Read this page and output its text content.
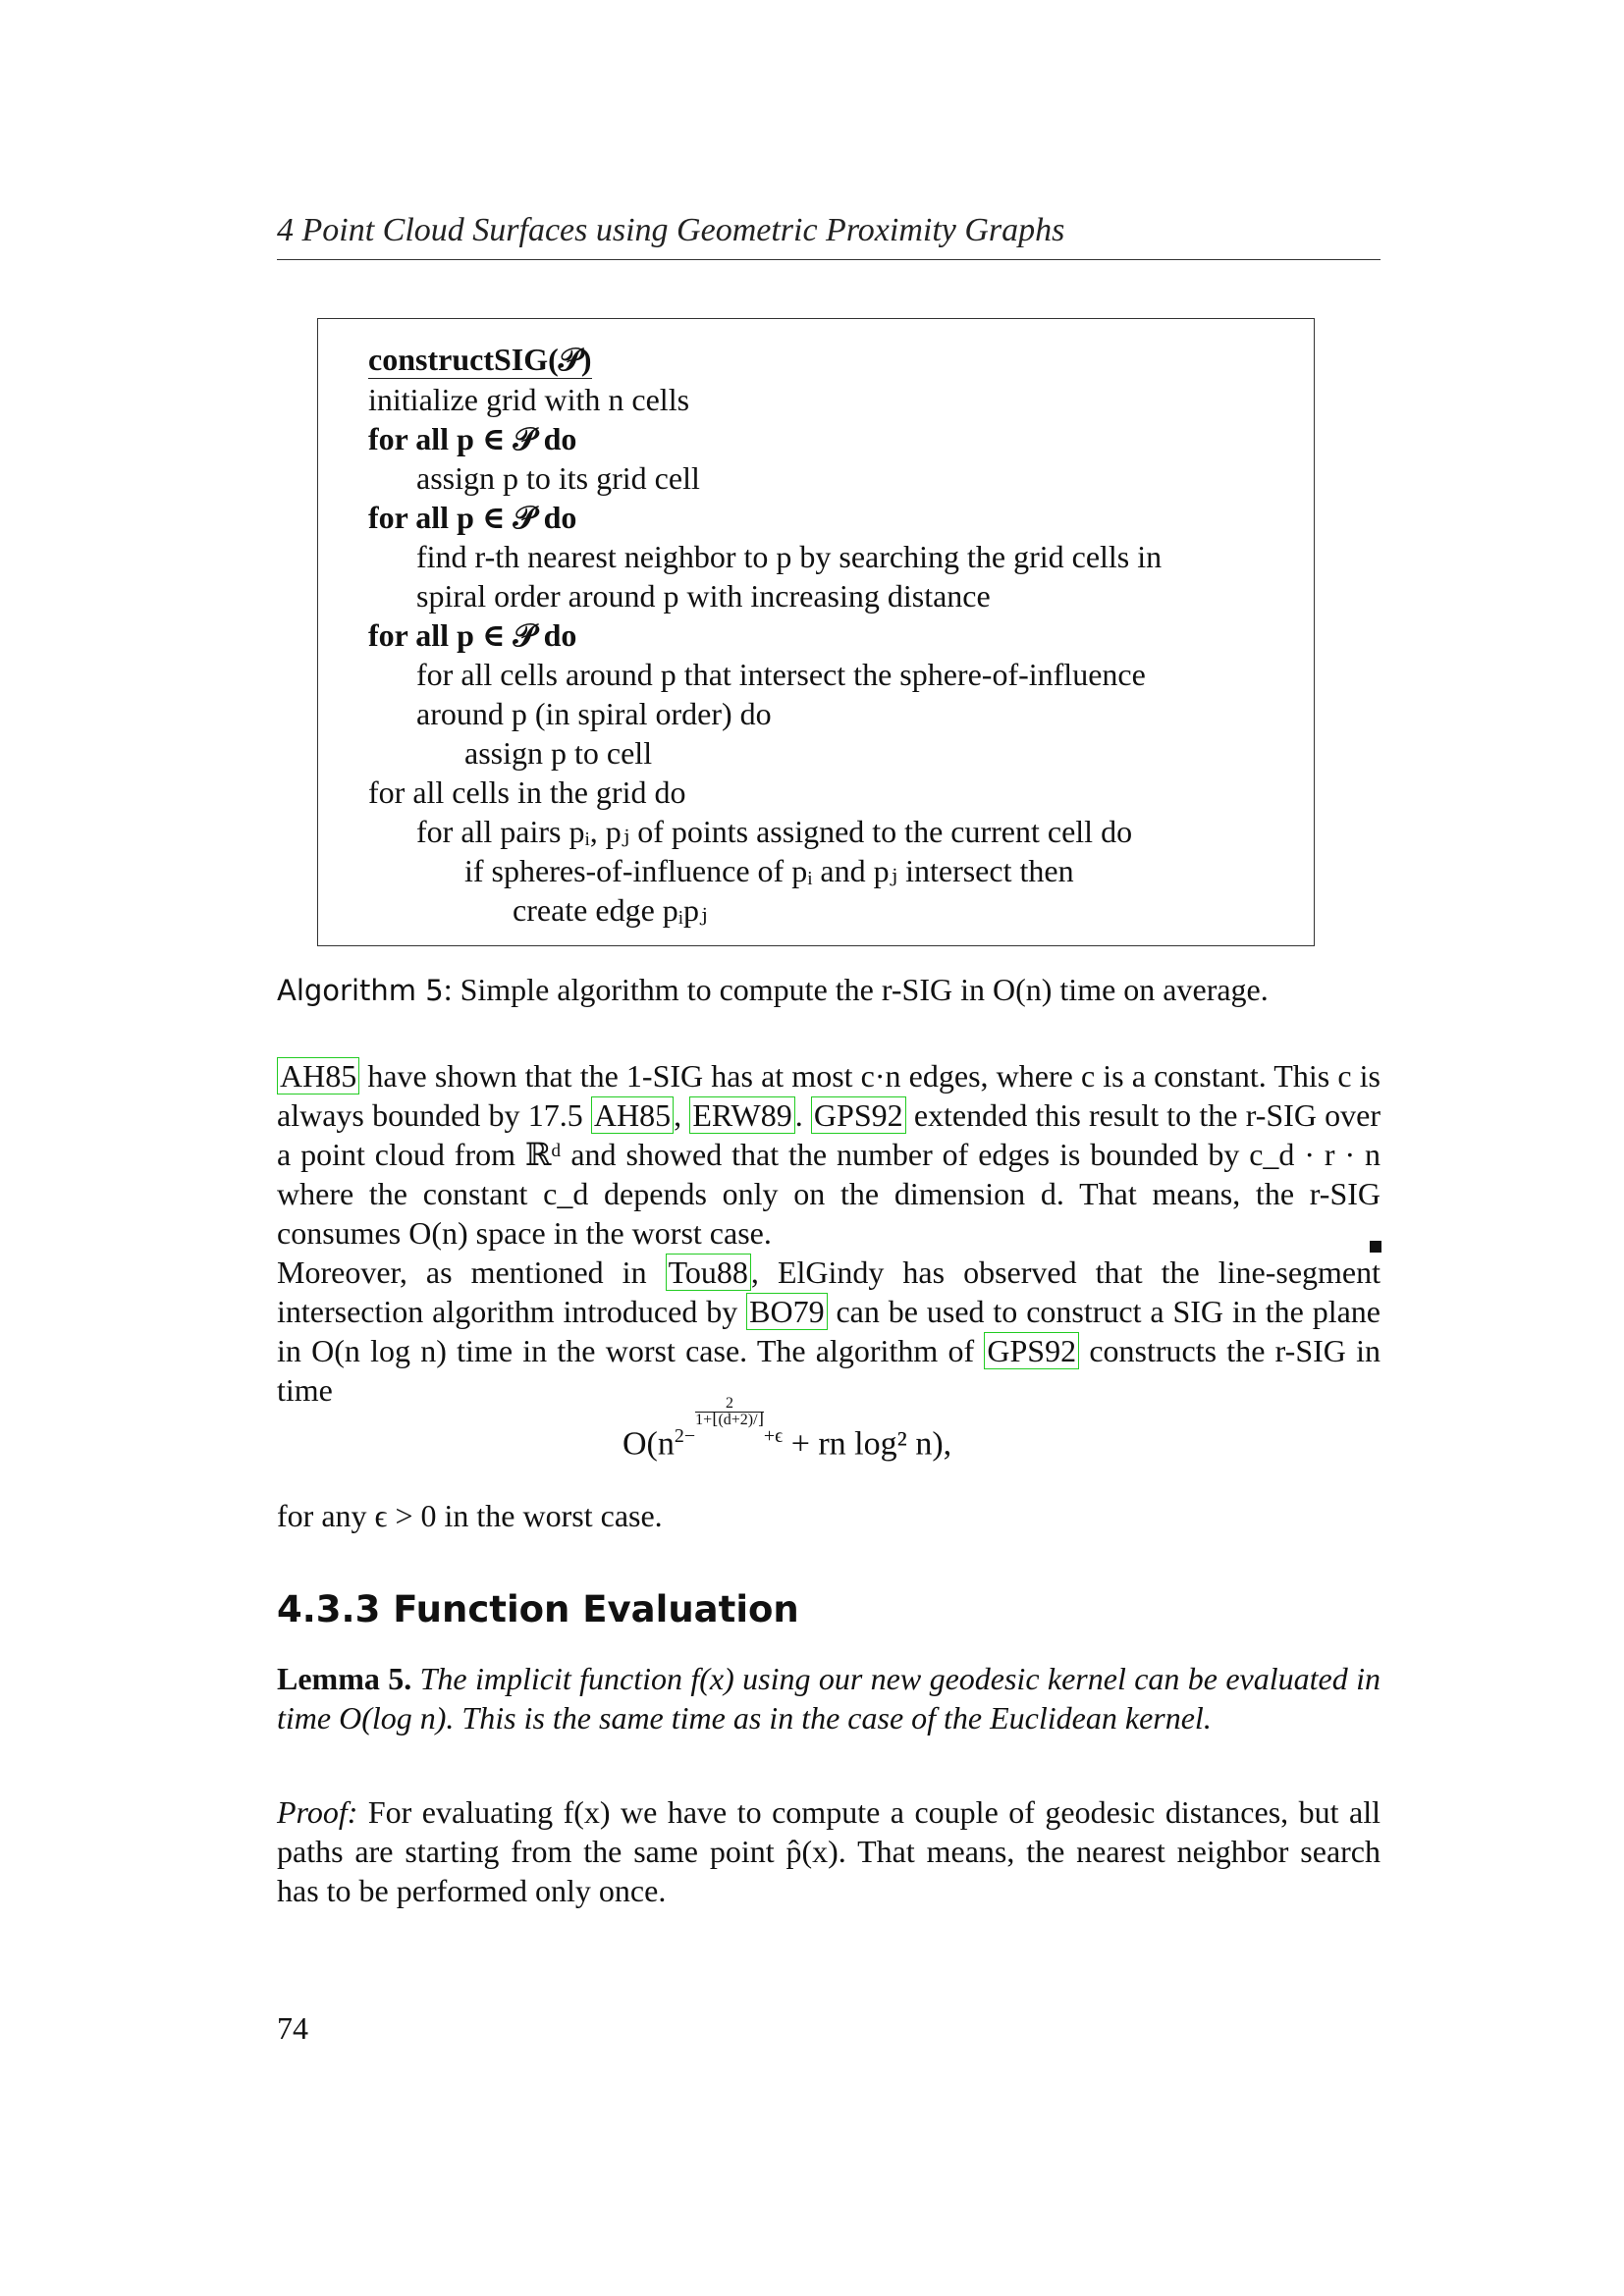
4 Point Cloud Surfaces using Geometric Proximity Graphs
constructSIG(𝒫)
initialize grid with n cells
for all p ∈ 𝒫 do
assign p to its grid cell
for all p ∈ 𝒫 do
find r-th nearest neighbor to p by searching the grid cells in
spiral order around p with increasing distance
for all p ∈ 𝒫 do
for all cells around p that intersect the sphere-of-influence
around p (in spiral order) do
assign p to cell
for all cells in the grid do
for all pairs pᵢ, pⱼ of points assigned to the current cell do
if spheres-of-influence of pᵢ and pⱼ intersect then
create edge pᵢpⱼ
Algorithm 5: Simple algorithm to compute the r-SIG in O(n) time on average.
AH85 have shown that the 1-SIG has at most c·n edges, where c is a constant. This c is always bounded by 17.5 AH85, ERW89. GPS92 extended this result to the r-SIG over a point cloud from ℝᵈ and showed that the number of edges is bounded by c_d · r · n where the constant c_d depends only on the dimension d. That means, the r-SIG consumes O(n) space in the worst case.
Moreover, as mentioned in Tou88, ElGindy has observed that the line-segment intersection algorithm introduced by BO79 can be used to construct a SIG in the plane in O(n log n) time in the worst case. The algorithm of GPS92 constructs the r-SIG in time
$O(n^{2- \frac{2}{1+⌊(d+2)/⌋} +\epsilon}$ + rn log² n),
for any ϵ > 0 in the worst case.
4.3.3 Function Evaluation
Lemma 5. The implicit function f(x) using our new geodesic kernel can be evaluated in time O(log n). This is the same time as in the case of the Euclidean kernel.
Proof: For evaluating f(x) we have to compute a couple of geodesic distances, but all paths are starting from the same point p̂(x). That means, the nearest neighbor search has to be performed only once.
74
